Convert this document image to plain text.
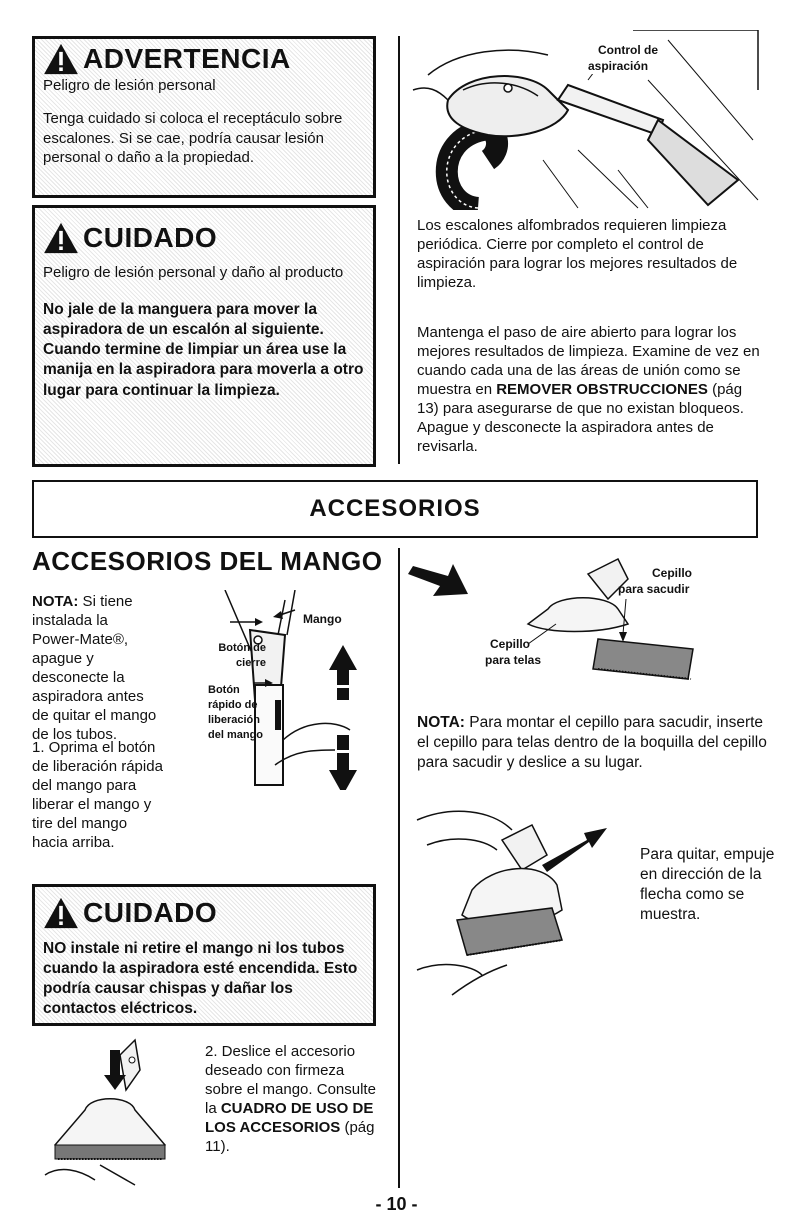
ADVERTENCIA
Peligro de lesión personal
Tenga cuidado si coloca el receptáculo sobre escalones. Si se cae, podría causar lesión personal o daño a la propiedad.
CUIDADO
Peligro de lesión personal y daño al producto
No jale de la manguera para mover la aspiradora de un escalón al siguiente. Cuando termine de limpiar un área use la manija en la aspiradora para moverla a otro lugar para continuar la limpieza.
Control de
aspiración
Los escalones alfombrados requieren limpieza periódica. Cierre por completo el control de aspiración para lograr los mejores resultados de limpieza.
Mantenga el paso de aire abierto para lograr los mejores resultados de limpieza. Examine de vez en cuando cada una de las áreas de unión como se muestra en REMOVER OBSTRUCCIONES (pág 13) para asegurarse de que no existan bloqueos. Apague y desconecte la aspiradora antes de revisarla.
ACCESORIOS
ACCESORIOS DEL MANGO
NOTA: Si tiene instalada la Power-Mate®, apague y desconecte la aspiradora antes de quitar el mango de los tubos.
1. Oprima el botón de liberación rápida del mango para liberar el mango y tire del mango hacia arriba.
Mango
Botón de
cierre
Botón
rápido de
liberación
del mango
CUIDADO
NO instale ni retire el mango ni los tubos cuando la aspiradora esté encendida. Esto podría causar chispas y dañar los contactos eléctricos.
2. Deslice el accesorio deseado con firmeza sobre el mango. Consulte la CUADRO DE USO DE LOS ACCESORIOS (pág 11).
Cepillo
para sacudir
Cepillo
para telas
NOTA: Para montar el cepillo para sacudir, inserte el cepillo para telas dentro de la boquilla del cepillo para sacudir y deslice a su lugar.
Para quitar, empuje en dirección de la flecha como se muestra.
- 10 -
